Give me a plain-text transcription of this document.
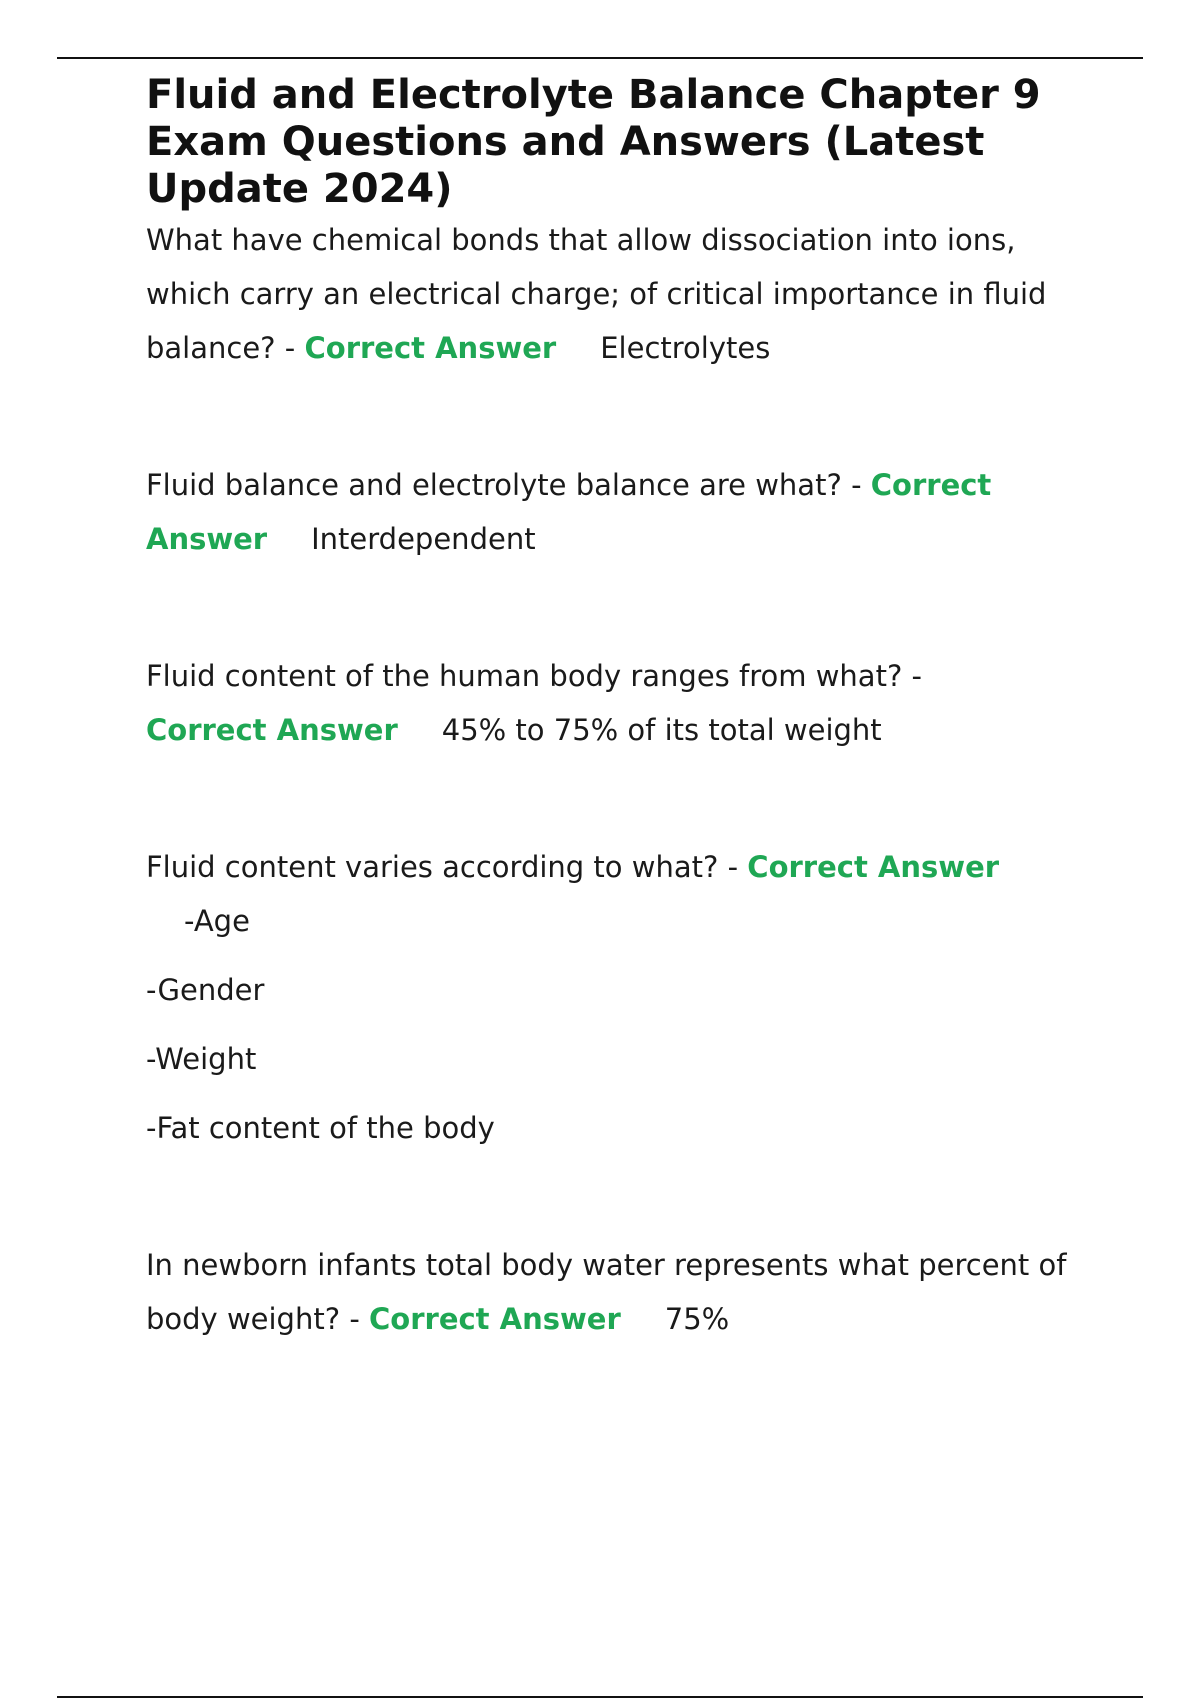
Fluid and Electrolyte Balance Chapter 9 Exam Questions and Answers (Latest Update 2024)

What have chemical bonds that allow dissociation into ions, which carry an electrical charge; of critical importance in fluid balance? - Correct Answer Electrolytes

Fluid balance and electrolyte balance are what? - Correct Answer Interdependent

Fluid content of the human body ranges from what? -
Correct Answer 45% to 75% of its total weight

Fluid content varies according to what? - Correct Answer
-Age
-Gender
-Weight
-Fat content of the body

In newborn infants total body water represents what percent of body weight? - Correct Answer 75%
